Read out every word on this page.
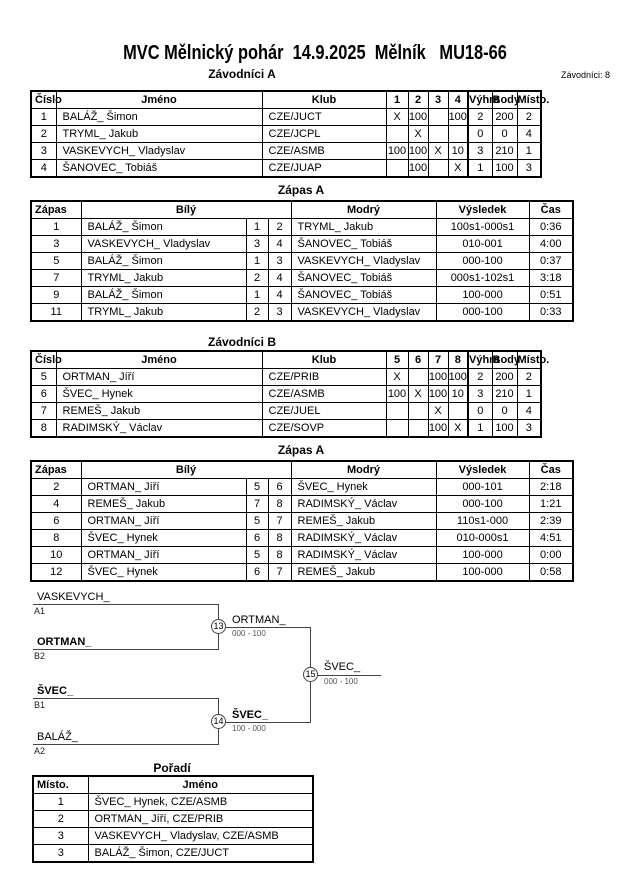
MVC Mělnický pohár  14.9.2025  Mělník   MU18-66
Závodníci A	Závodníci: 8
Číslo	Jméno	Klub	1	2	3	4	Výhra	Body	Místo.
1	BALÁŽ_ Šimon	CZE/JUCT	X	100		100	2	200	2
2	TRYML_ Jakub	CZE/JCPL		X			0	0	4
3	VASKEVYCH_ Vladyslav	CZE/ASMB	100	100	X	10	3	210	1
4	ŠANOVEC_ Tobiáš	CZE/JUAP		100		X	1	100	3
Zápas A
Zápas	Bílý			Modrý	Výsledek	Čas
1	BALÁŽ_ Šimon	1	2	TRYML_ Jakub	100s1-000s1	0:36
3	VASKEVYCH_ Vladyslav	3	4	ŠANOVEC_ Tobiáš	010-001	4:00
5	BALÁŽ_ Šimon	1	3	VASKEVYCH_ Vladyslav	000-100	0:37
7	TRYML_ Jakub	2	4	ŠANOVEC_ Tobiáš	000s1-102s1	3:18
9	BALÁŽ_ Šimon	1	4	ŠANOVEC_ Tobiáš	100-000	0:51
11	TRYML_ Jakub	2	3	VASKEVYCH_ Vladyslav	000-100	0:33
Závodníci B
Číslo	Jméno	Klub	5	6	7	8	Výhra	Body	Místo.
5	ORTMAN_ Jíří	CZE/PRIB	X		100	100	2	200	2
6	ŠVEC_ Hynek	CZE/ASMB	100	X	100	10	3	210	1
7	REMEŠ_ Jakub	CZE/JUEL			X		0	0	4
8	RADIMSKÝ_ Václav	CZE/SOVP			100	X	1	100	3
Zápas A
Zápas	Bílý			Modrý	Výsledek	Čas
2	ORTMAN_ Jíří	5	6	ŠVEC_ Hynek	000-101	2:18
4	REMEŠ_ Jakub	7	8	RADIMSKÝ_ Václav	000-100	1:21
6	ORTMAN_ Jíří	5	7	REMEŠ_ Jakub	110s1-000	2:39
8	ŠVEC_ Hynek	6	8	RADIMSKÝ_ Václav	010-000s1	4:51
10	ORTMAN_ Jíří	5	8	RADIMSKÝ_ Václav	100-000	0:00
12	ŠVEC_ Hynek	6	7	REMEŠ_ Jakub	100-000	0:58
VASKEVYCH_
A1
ORTMAN_
B2
ŠVEC_
B1
BALÁŽ_
A2
13 ORTMAN_
000 - 100
14 ŠVEC_
100 - 000
15
ŠVEC_
000 - 100
Pořadí
Místo.	Jméno
1	ŠVEC_ Hynek, CZE/ASMB
2	ORTMAN_ Jíří, CZE/PRIB
3	VASKEVYCH_ Vladyslav, CZE/ASMB
3	BALÁŽ_ Šimon, CZE/JUCT
